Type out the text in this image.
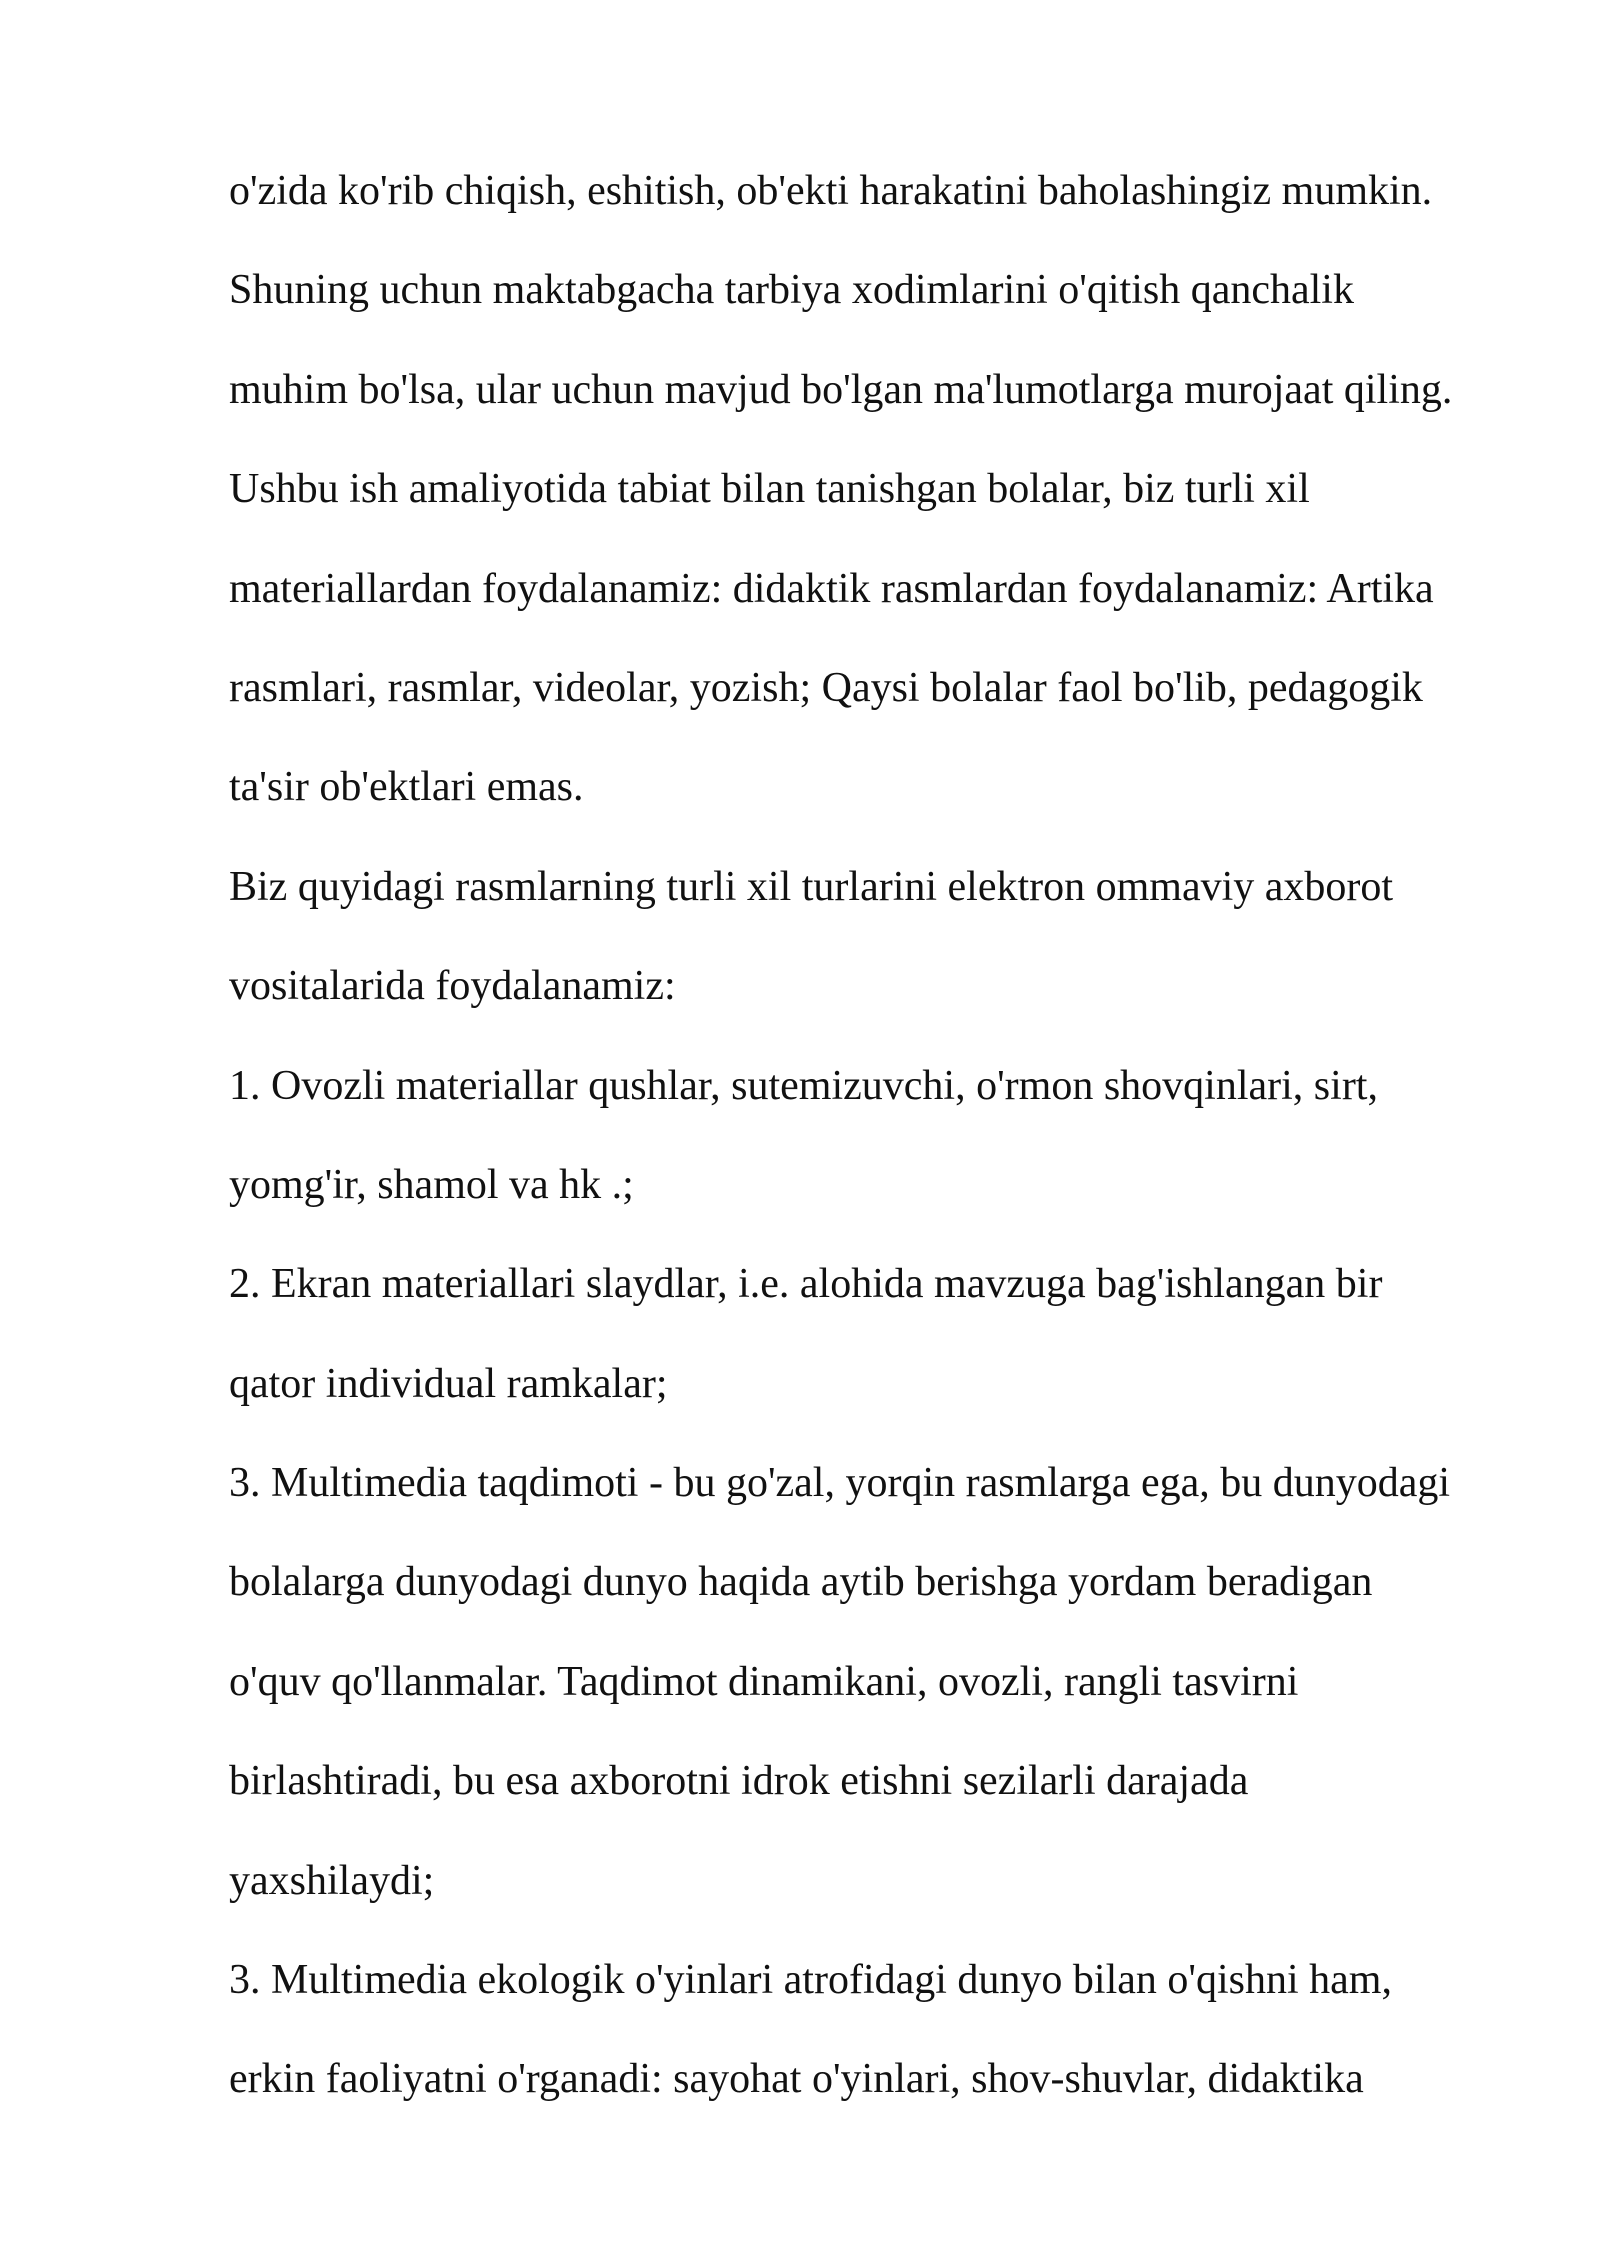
o'zida ko'rib chiqish, eshitish, ob'ekti harakatini baholashingiz mumkin.
Shuning uchun maktabgacha tarbiya xodimlarini o'qitish qanchalik
muhim bo'lsa, ular uchun mavjud bo'lgan ma'lumotlarga murojaat qiling.
Ushbu ish amaliyotida tabiat bilan tanishgan bolalar, biz turli xil
materiallardan foydalanamiz: didaktik rasmlardan foydalanamiz: Artika
rasmlari, rasmlar, videolar, yozish; Qaysi bolalar faol bo'lib, pedagogik
ta'sir ob'ektlari emas.
Biz quyidagi rasmlarning turli xil turlarini elektron ommaviy axborot
vositalarida foydalanamiz:
1. Ovozli materiallar qushlar, sutemizuvchi, o'rmon shovqinlari, sirt,
yomg'ir, shamol va hk .;
2. Ekran materiallari slaydlar, i.e. alohida mavzuga bag'ishlangan bir
qator individual ramkalar;
3. Multimedia taqdimoti - bu go'zal, yorqin rasmlarga ega, bu dunyodagi
bolalarga dunyodagi dunyo haqida aytib berishga yordam beradigan
o'quv qo'llanmalar. Taqdimot dinamikani, ovozli, rangli tasvirni
birlashtiradi, bu esa axborotni idrok etishni sezilarli darajada
yaxshilaydi;
3. Multimedia ekologik o'yinlari atrofidagi dunyo bilan o'qishni ham,
erkin faoliyatni o'rganadi: sayohat o'yinlari, shov-shuvlar, didaktika
